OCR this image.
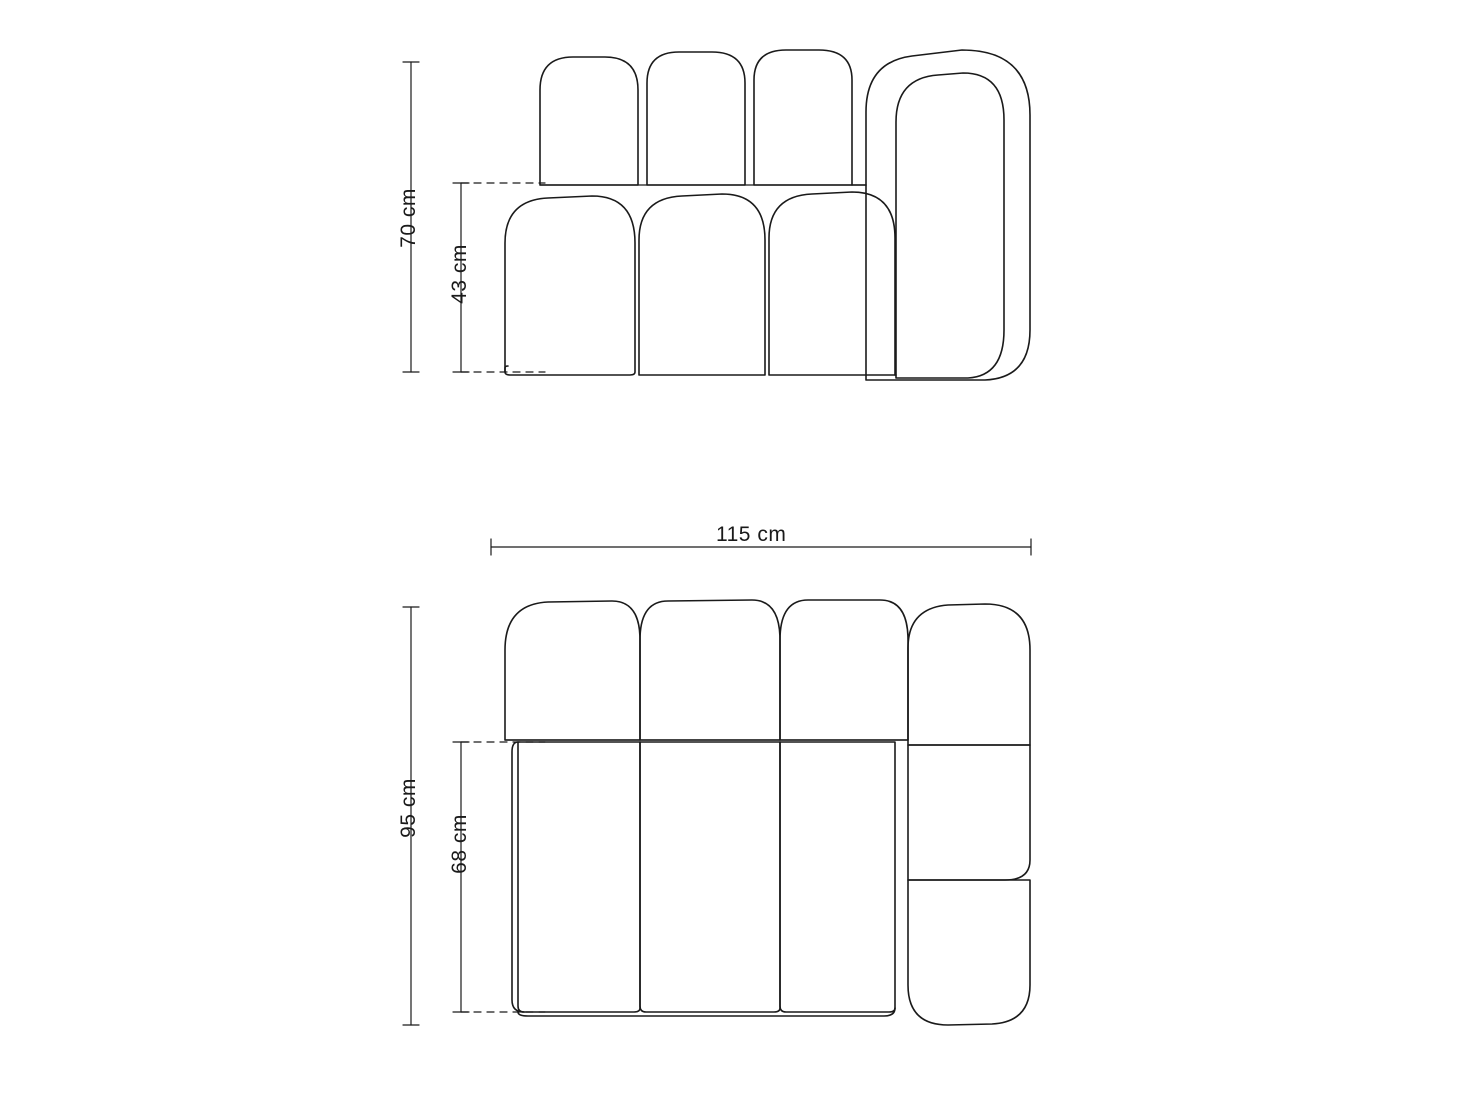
70 cm
43 cm
115 cm
95 cm
68 cm
